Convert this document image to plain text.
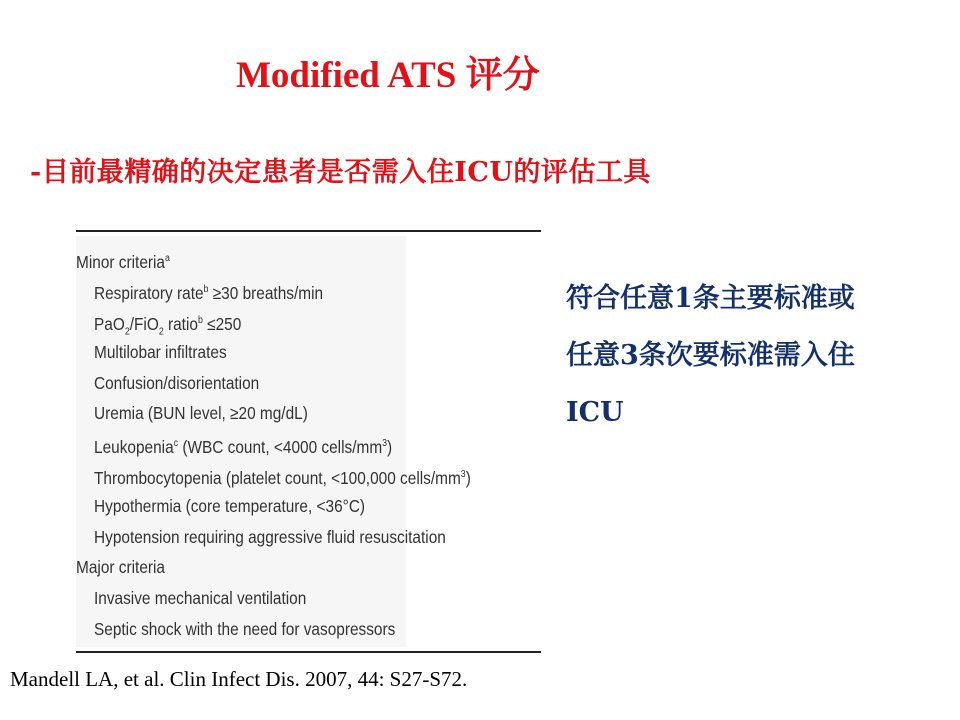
Modified ATS 评分
-目前最精确的决定患者是否需入住ICU的评估工具
Minor criteria$^a$
Respiratory rate$^b$ ≥30 breaths/min
PaO$_2$/FiO$_2$ ratio$^b$ ≤250
Multilobar infiltrates
Confusion/disorientation
Uremia (BUN level, ≥20 mg/dL)
Leukopenia$^c$ (WBC count, <4000 cells/$mm^3$)
Thrombocytopenia (platelet count, <100,000 cells/$mm^3$)
Hypothermia (core temperature, <36°C)
Hypotension requiring aggressive fluid resuscitation
Major criteria
Invasive mechanical ventilation
Septic shock with the need for vasopressors
符合任意1条主要标准或
任意3条次要标准需入住
ICU
Mandell LA, et al. Clin Infect Dis. 2007, 44: S27-S72.
